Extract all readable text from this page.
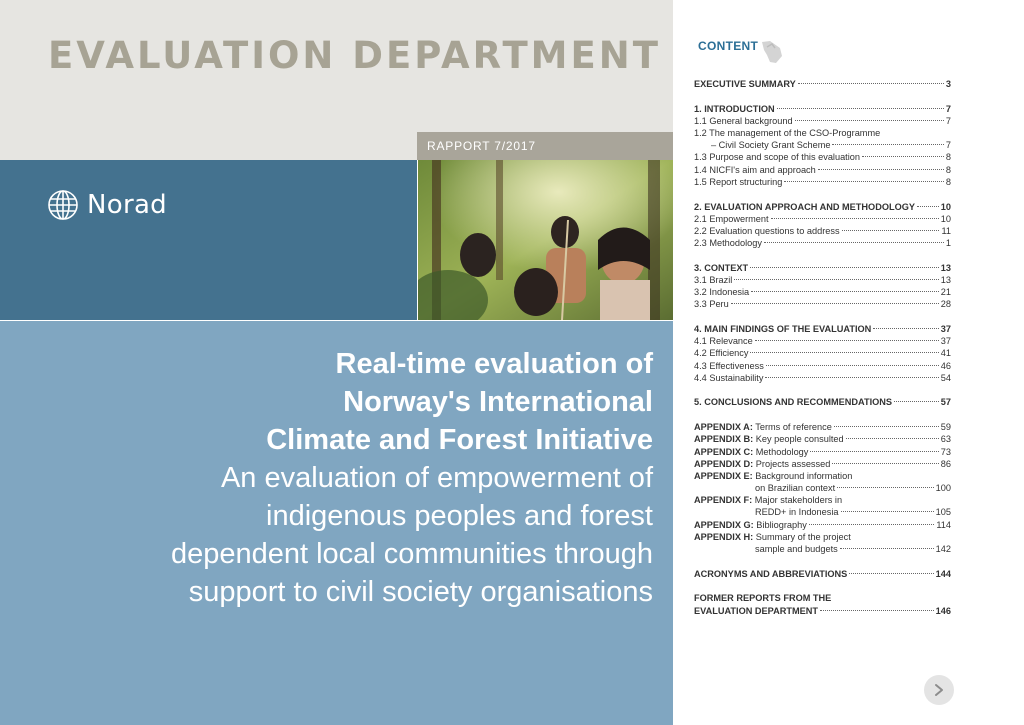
EVALUATION DEPARTMENT
RAPPORT 7/2017
Norad
Real-time evaluation of
Norway's International
Climate and Forest Initiative
An evaluation of empowerment of
indigenous peoples and forest
dependent local communities through
support to civil society organisations
CONTENT
EXECUTIVE SUMMARY	3
1. INTRODUCTION	7
1.1 General background	7
1.2 The management of the CSO-Programme
– Civil Society Grant Scheme	7
1.3 Purpose and scope of this evaluation	8
1.4 NICFI's aim and approach	8
1.5 Report structuring	8
2. EVALUATION APPROACH AND METHODOLOGY	10
2.1 Empowerment	10
2.2 Evaluation questions to address	11
2.3 Methodology	1
3. CONTEXT	13
3.1 Brazil	13
3.2 Indonesia	21
3.3 Peru	28
4. MAIN FINDINGS OF THE EVALUATION	37
4.1 Relevance	37
4.2 Efficiency	41
4.3 Effectiveness	46
4.4 Sustainability	54
5. CONCLUSIONS AND RECOMMENDATIONS	57
APPENDIX A: Terms of reference	59
APPENDIX B: Key people consulted	63
APPENDIX C: Methodology	73
APPENDIX D: Projects assessed	86
APPENDIX E: Background information
on Brazilian context	100
APPENDIX F: Major stakeholders in
REDD+ in Indonesia	105
APPENDIX G: Bibliography	114
APPENDIX H: Summary of the project
sample and budgets	142
ACRONYMS AND ABBREVIATIONS	144
FORMER REPORTS FROM THE
EVALUATION DEPARTMENT	146
